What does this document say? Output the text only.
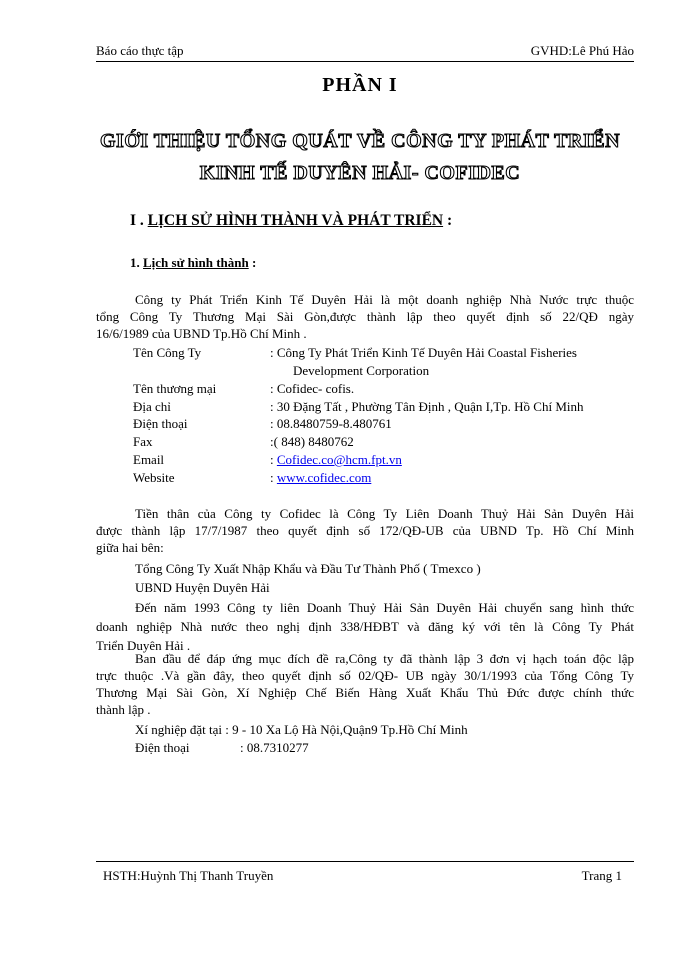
Báo cáo thực tập	GVHD:Lê Phú Hảo
PHẦN I
GIỚI THIỆU TỔNG QUÁT VỀ CÔNG TY PHÁT TRIỂN
KINH TẾ DUYÊN HẢI- COFIDEC
I . LỊCH SỬ HÌNH THÀNH VÀ PHÁT TRIỂN :
1. Lịch sử hình thành :
Công ty Phát Triển Kinh Tế Duyên Hải là một doanh nghiệp Nhà Nước trực thuộc
tổng Công Ty Thương Mại Sài Gòn,được thành lập theo quyết định số 22/QĐ ngày
16/6/1989 của UBND Tp.Hồ Chí Minh .
Tên Công Ty	: Công Ty Phát Triển Kinh Tế Duyên Hải Coastal Fisheries
Development Corporation
Tên thương mại	: Cofidec- cofis.
Địa chỉ	: 30 Đặng Tất , Phường Tân Định , Quận I,Tp. Hồ Chí Minh
Điện thoại	: 08.8480759-8.480761
Fax	:( 848) 8480762
Email	: Cofidec.co@hcm.fpt.vn
Website	: www.cofidec.com
Tiền thân của Công ty Cofidec là Công Ty Liên Doanh Thuỷ Hải Sản Duyên Hải
được thành lập 17/7/1987 theo quyết định số 172/QĐ-UB của UBND Tp. Hồ Chí Minh
giữa hai bên:
Tổng Công Ty Xuất Nhập Khẩu và Đầu Tư Thành Phố ( Tmexco )
UBND Huyện Duyên Hải
Đến năm 1993 Công ty liên Doanh Thuỷ Hải Sản Duyên Hải chuyển sang hình thức
doanh nghiệp Nhà nước theo nghị định 338/HĐBT và đăng ký với tên là Công Ty Phát
Triển Duyên Hải .
Ban đầu để đáp ứng mục đích đề ra,Công ty đã thành lập 3 đơn vị hạch toán độc lập
trực thuộc .Và gần đây, theo quyết định số 02/QĐ- UB ngày 30/1/1993 của Tổng Công Ty
Thương Mại Sài Gòn, Xí Nghiệp Chế Biến Hàng Xuất Khẩu Thủ Đức được chính thức
thành lập .
Xí nghiệp đặt tại : 9 - 10 Xa Lộ Hà Nội,Quận9 Tp.Hồ Chí Minh
Điện thoại	: 08.7310277
HSTH:Huỳnh Thị Thanh Truyền	Trang 1
